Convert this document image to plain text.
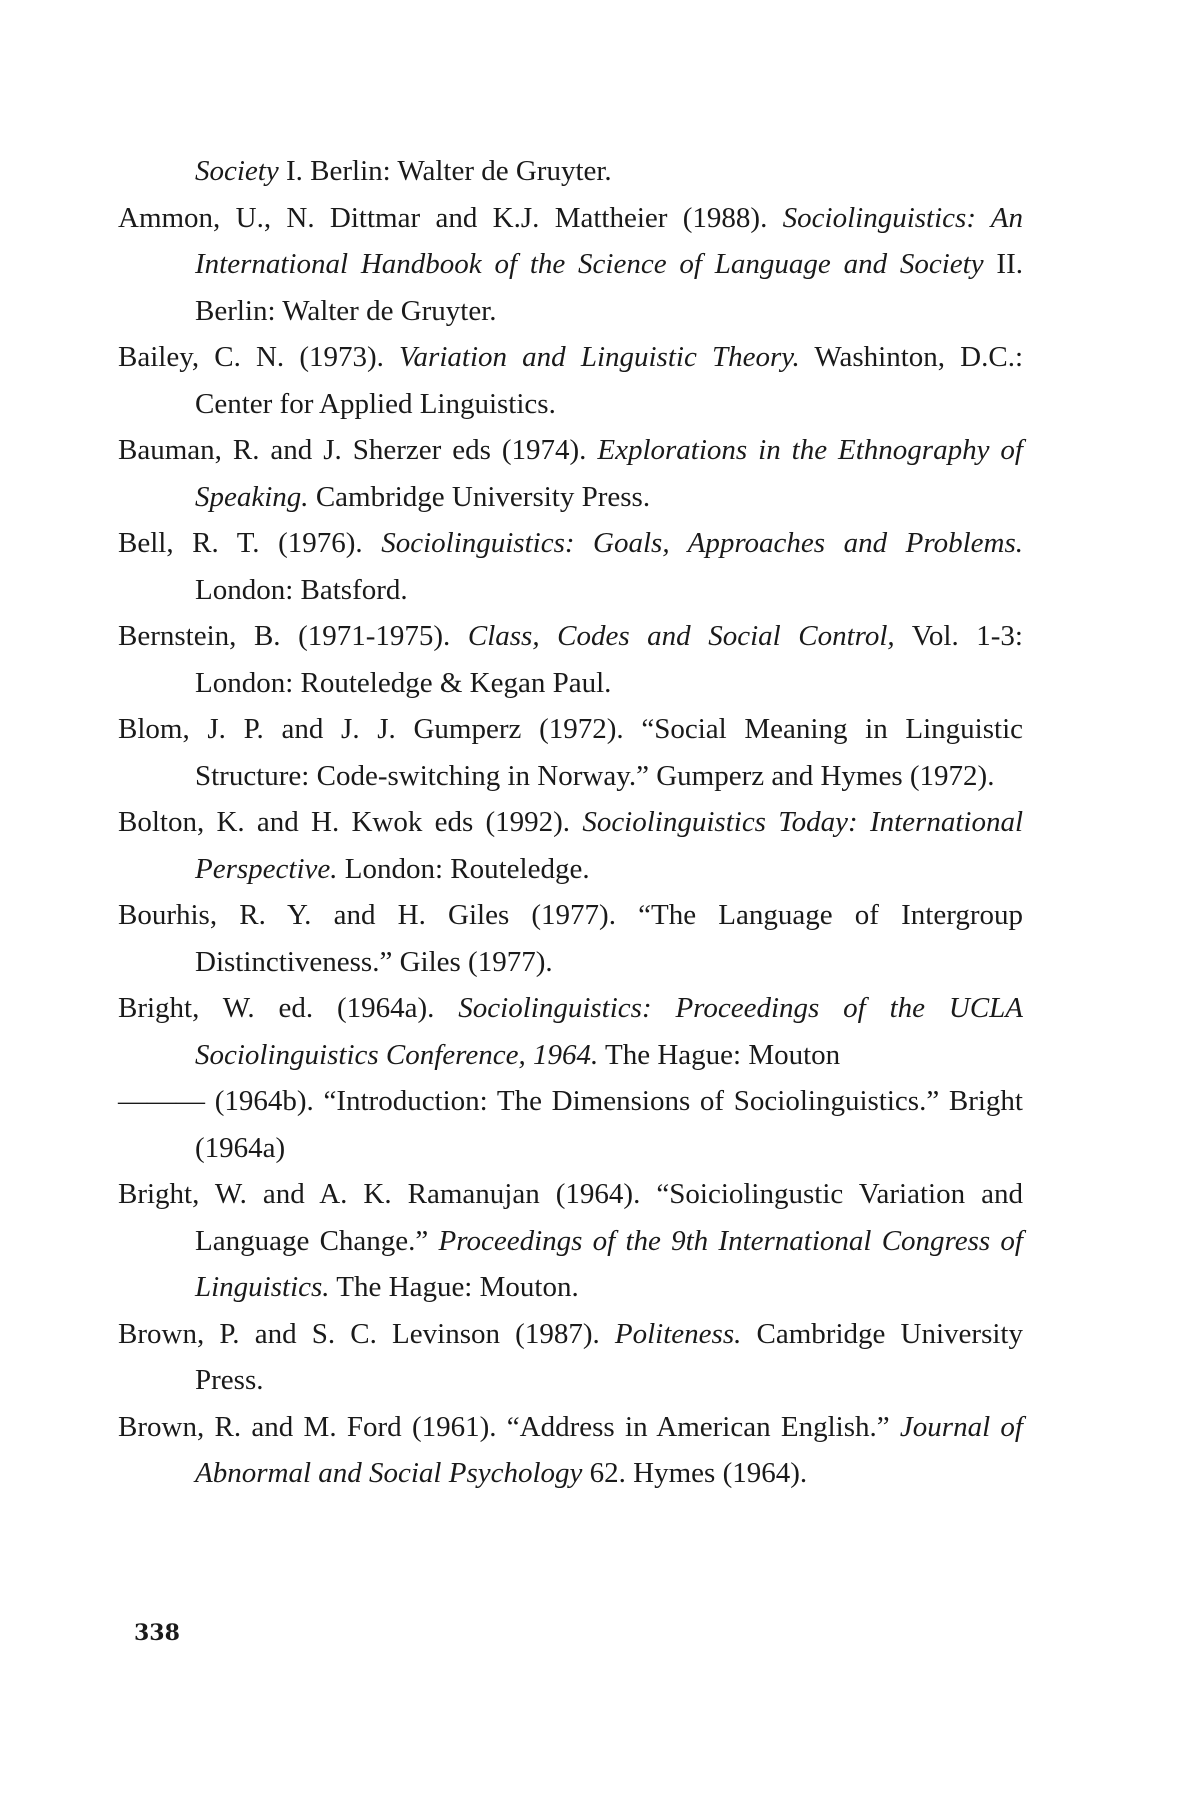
Society I. Berlin: Walter de Gruyter.
Ammon, U., N. Dittmar and K.J. Mattheier (1988). Sociolinguistics: An International Handbook of the Science of Language and Society II. Berlin: Walter de Gruyter.
Bailey, C. N. (1973). Variation and Linguistic Theory. Washinton, D.C.: Center for Applied Linguistics.
Bauman, R. and J. Sherzer eds (1974). Explorations in the Ethnography of Speaking. Cambridge University Press.
Bell, R. T. (1976). Sociolinguistics: Goals, Approaches and Problems. London: Batsford.
Bernstein, B. (1971-1975). Class, Codes and Social Control, Vol. 1-3: London: Routeledge & Kegan Paul.
Blom, J. P. and J. J. Gumperz (1972). “Social Meaning in Linguistic Structure: Code-switching in Norway.” Gumperz and Hymes (1972).
Bolton, K. and H. Kwok eds (1992). Sociolinguistics Today: International Perspective. London: Routeledge.
Bourhis, R. Y. and H. Giles (1977). “The Language of Intergroup Distinctiveness.” Giles (1977).
Bright, W. ed. (1964a). Sociolinguistics: Proceedings of the UCLA Sociolinguistics Conference, 1964. The Hague: Mouton
——— (1964b). “Introduction: The Dimensions of Sociolinguistics.” Bright (1964a)
Bright, W. and A. K. Ramanujan (1964). “Soiciolingustic Variation and Language Change.” Proceedings of the 9th International Congress of Linguistics. The Hague: Mouton.
Brown, P. and S. C. Levinson (1987). Politeness. Cambridge University Press.
Brown, R. and M. Ford (1961). “Address in American English.” Journal of Abnormal and Social Psychology 62. Hymes (1964).
338
